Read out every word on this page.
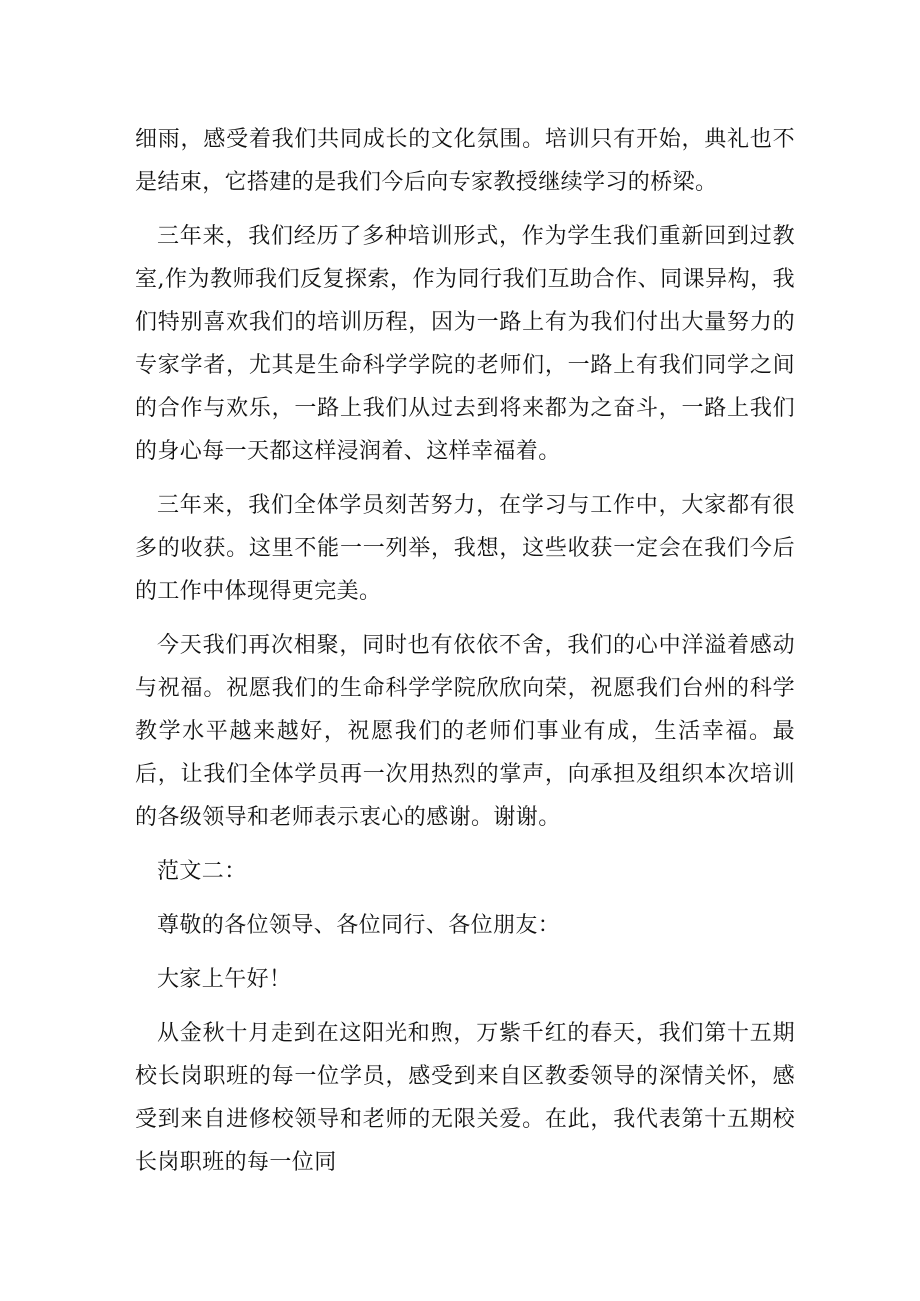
细雨，感受着我们共同成长的文化氛围。培训只有开始，典礼也不是结束，它搭建的是我们今后向专家教授继续学习的桥梁。

三年来，我们经历了多种培训形式，作为学生我们重新回到过教室,作为教师我们反复探索，作为同行我们互助合作、同课异构，我们特别喜欢我们的培训历程，因为一路上有为我们付出大量努力的专家学者，尤其是生命科学学院的老师们，一路上有我们同学之间的合作与欢乐，一路上我们从过去到将来都为之奋斗，一路上我们的身心每一天都这样浸润着、这样幸福着。

三年来，我们全体学员刻苦努力，在学习与工作中，大家都有很多的收获。这里不能一一列举，我想，这些收获一定会在我们今后的工作中体现得更完美。

今天我们再次相聚，同时也有依依不舍，我们的心中洋溢着感动与祝福。祝愿我们的生命科学学院欣欣向荣，祝愿我们台州的科学教学水平越来越好，祝愿我们的老师们事业有成，生活幸福。最后，让我们全体学员再一次用热烈的掌声，向承担及组织本次培训的各级领导和老师表示衷心的感谢。谢谢。

范文二：

尊敬的各位领导、各位同行、各位朋友：

大家上午好！

从金秋十月走到在这阳光和煦，万紫千红的春天，我们第十五期校长岗职班的每一位学员，感受到来自区教委领导的深情关怀，感受到来自进修校领导和老师的无限关爱。在此，我代表第十五期校长岗职班的每一位同
